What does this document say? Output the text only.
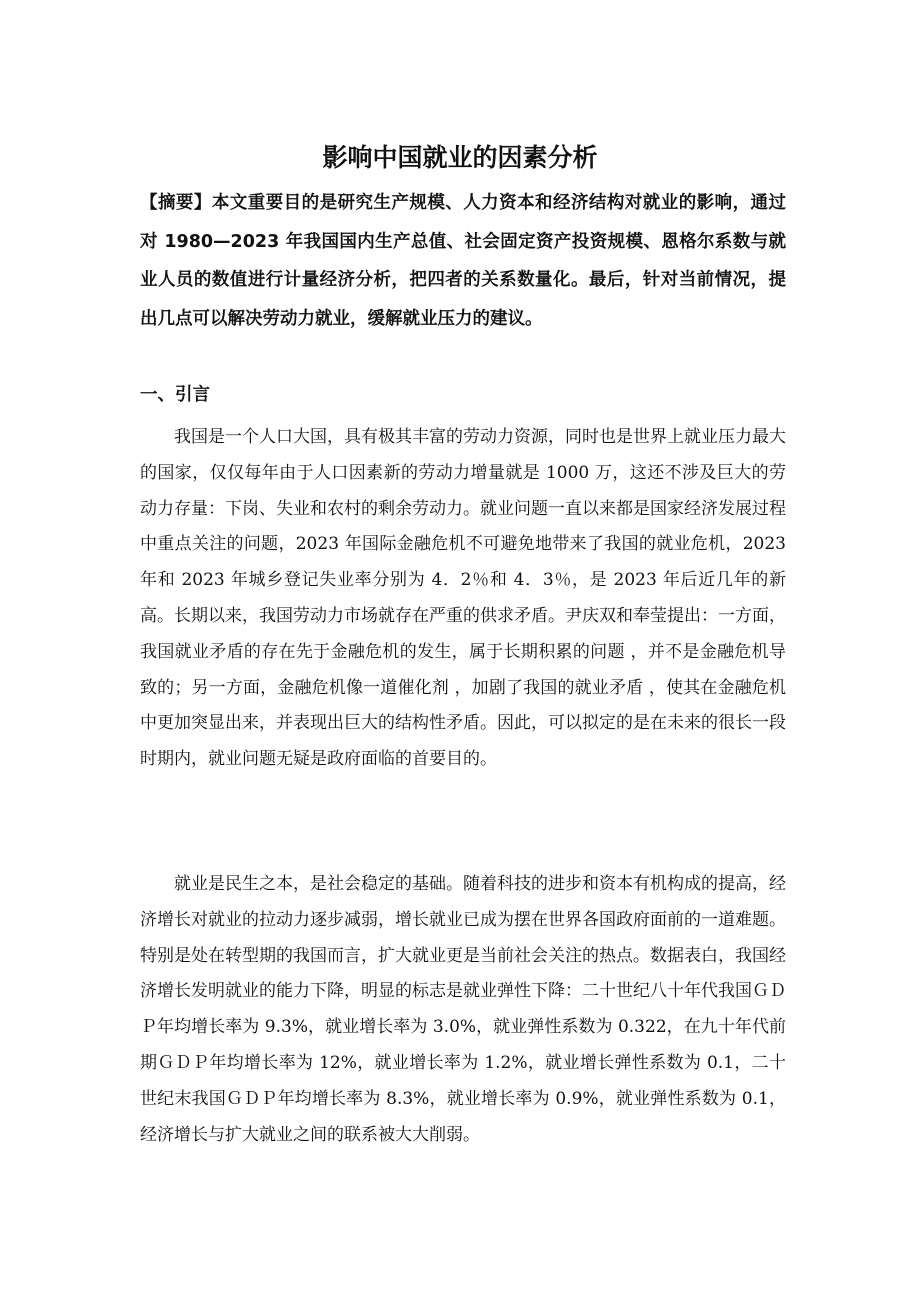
影响中国就业的因素分析

【摘要】本文重要目的是研究生产规模、人力资本和经济结构对就业的影响，通过对 1980—2023 年我国国内生产总值、社会固定资产投资规模、恩格尔系数与就业人员的数值进行计量经济分析，把四者的关系数量化。最后，针对当前情况，提出几点可以解决劳动力就业，缓解就业压力的建议。

一、引言

我国是一个人口大国，具有极其丰富的劳动力资源，同时也是世界上就业压力最大的国家，仅仅每年由于人口因素新的劳动力增量就是 1000 万，这还不涉及巨大的劳动力存量：下岗、失业和农村的剩余劳动力。就业问题一直以来都是国家经济发展过程中重点关注的问题，2023 年国际金融危机不可避免地带来了我国的就业危机，2023 年和 2023 年城乡登记失业率分别为 4．2％和 4．3％，是 2023 年后近几年的新高。长期以来，我国劳动力市场就存在严重的供求矛盾。尹庆双和奉莹提出：一方面，我国就业矛盾的存在先于金融危机的发生，属于长期积累的问题 ，并不是金融危机导致的；另一方面，金融危机像一道催化剂 ，加剧了我国的就业矛盾 ，使其在金融危机中更加突显出来，并表现出巨大的结构性矛盾。因此，可以拟定的是在未来的很长一段时期内，就业问题无疑是政府面临的首要目的。

就业是民生之本，是社会稳定的基础。随着科技的进步和资本有机构成的提高，经济增长对就业的拉动力逐步减弱，增长就业已成为摆在世界各国政府面前的一道难题。特别是处在转型期的我国而言，扩大就业更是当前社会关注的热点。数据表白，我国经济增长发明就业的能力下降，明显的标志是就业弹性下降：二十世纪八十年代我国ＧＤＰ年均增长率为 9.3%，就业增长率为 3.0%，就业弹性系数为 0.322，在九十年代前期ＧＤＰ年均增长率为 12%，就业增长率为 1.2%，就业增长弹性系数为 0.1，二十世纪末我国ＧＤＰ年均增长率为 8.3%，就业增长率为 0.9%，就业弹性系数为 0.1，经济增长与扩大就业之间的联系被大大削弱。
